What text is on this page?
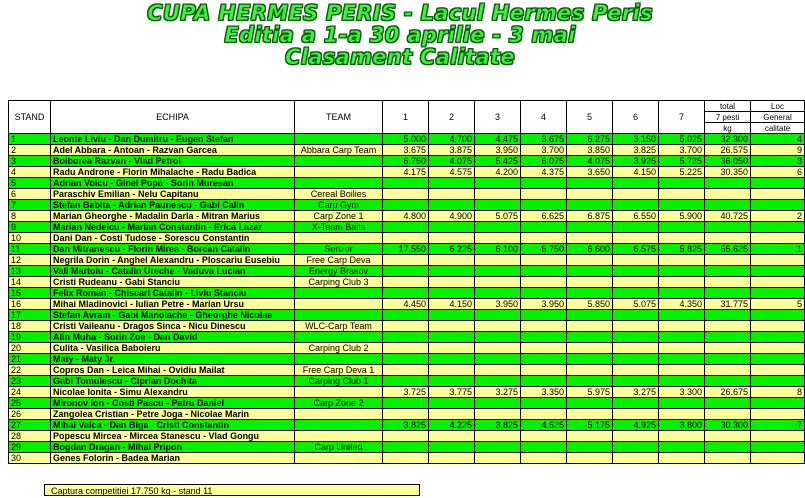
CUPA HERMES PERIS - Lacul Hermes Peris
Editia a 1-a 30 aprilie - 3 mai
Clasament Calitate
STAND	ECHIPA	TEAM	1	2	3	4	5	6	7	total	Loc
										7 pesti	General
										kg	calitate
1	Leonte Liviu - Dan Dumitru - Eugen Stefan		5.000	4.700	4.475	3.675	6.275	3.150	5.025	32.300	4
2	Adel Abbara - Antoan - Razvan Garcea	Abbara Carp Team	3.675	3.875	3.950	3.700	3.850	3.825	3.700	26.575	9
3	Boiborea Razvan - Vlad Petroi		6.750	4.075	5.425	6.075	4.075	3.925	5.725	36.050	3
4	Radu Androne - Florin Mihalache - Radu Badica		4.175	4.575	4.200	4.375	3.650	4.150	5.225	30.350	6
5	Adrian Voicu - Ginel Popa - Sorin Muresan										
6	Paraschiv Emilian - Nelu Capitanu	Cereal Boilies									
7	Stefan Babita - Adrian Paunescu - Gabi Calin	Carp Gym									
8	Marian Gheorghe - Madalin Darla - Mitran Marius	Carp Zone 1	4.800	4.900	5.075	6.625	6.875	6.550	5.900	40.725	2
9	Marian Nedelcu - Marian Constantin - Erica Lazar	X-Team Baits									
10	Dani Dan - Costi Tudose - Sorescu Constantin										
11	Dan Mitranescu - Florin Mirea - Borcan Catalin	Senzor	17.550	6.225	6.100	6.750	6.600	6.575	5.825	55.625	1
12	Negrila Dorin - Anghel Alexandru - Ploscariu Eusebiu	Free Carp Deva									
13	Vali Martoiu - Catalin Ureche - Vaduva Lucian	Energy Brasov									
14	Cristi Rudeanu - Gabi Stanciu	Carping Club 3									
15	Felix Roman - Chiscari Catalin - Liviu Stanciu										
16	Mihai Mladinovici - Iulian Petre - Marian Ursu		4.450	4.150	3.950	3.950	5.850	5.075	4.350	31.775	5
17	Stefan Avram - Gabi Manolache - Gheorghe Nicolae										
18	Cristi Vaileanu - Dragos Sinca - Nicu Dinescu	WLC-Carp Team									
19	Alin Muha - Sorin Zoe - Dan David										
20	Culita - Vasilica Baboieru	Carping Club 2									
21	Maty - Maty Jr.										
22	Copros Dan - Leica Mihai - Ovidiu Mailat	Free Carp Deva 1									
23	Gabi Tomulescu - Ciprian Dochita	Carping Club 1									
24	Nicolae Ionita - Simu Alexandru		3.725	3.775	3.275	3.350	5.975	3.275	3.300	26.675	8
25	Mironov Ion - Costi Pascu - Patru Daniel	Carp Zone 2									
26	Zangolea Cristian - Petre Joga - Nicolae Marin										
27	Mihai Valca - Dan Biga - Cristi Constantin		3.825	4.225	3.825	4.525	5.175	4.925	3.800	30.300	7
28	Popescu Mircea - Mircea Stanescu - Vlad Gongu										
29	Bogdan Dragan - Mihai Pripon	Carp United									
30	Genes Folorin - Badea Marian										
Captura competitiei 17.750 kg - stand 11
